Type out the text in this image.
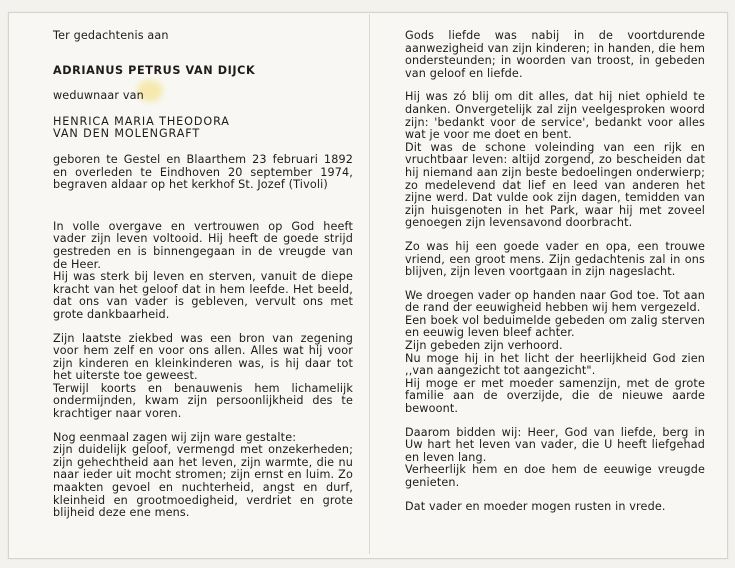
Ter gedachtenis aan

ADRIANUS PETRUS VAN DIJCK

weduwnaar van

HENRICA MARIA THEODORA

VAN DEN MOLENGRAFT

geboren te Gestel en Blaarthem 23 februari 1892 en overleden te Eindhoven 20 september 1974, begraven aldaar op het kerkhof St. Jozef (Tivoli)

In volle overgave en vertrouwen op God heeft vader zijn leven voltooid. Hij heeft de goede strijd gestreden en is binnengegaan in de vreugde van de Heer.

Hij was sterk bij leven en sterven, vanuit de diepe kracht van het geloof dat in hem leefde. Het beeld, dat ons van vader is gebleven, vervult ons met grote dankbaarheid.

Zijn laatste ziekbed was een bron van zegening voor hem zelf en voor ons allen. Alles wat hij voor zijn kinderen en kleinkinderen was, is hij daar tot het uiterste toe geweest.

Terwijl koorts en benauwenis hem lichamelijk ondermijnden, kwam zijn persoonlijkheid des te krachtiger naar voren.

Nog eenmaal zagen wij zijn ware gestalte:

zijn duidelijk geloof, vermengd met onzekerheden; zijn gehechtheid aan het leven, zijn warmte, die nu naar ieder uit mocht stromen; zijn ernst en luim. Zo maakten gevoel en nuchterheid, angst en durf, kleinheid en grootmoedigheid, verdriet en grote blijheid deze ene mens.

Gods liefde was nabij in de voortdurende aanwezigheid van zijn kinderen; in handen, die hem ondersteunden; in woorden van troost, in gebeden van geloof en liefde.

Hij was zó blij om dit alles, dat hij niet ophield te danken. Onvergetelijk zal zijn veelgesproken woord zijn: 'bedankt voor de service', bedankt voor alles wat je voor me doet en bent.

Dit was de schone voleinding van een rijk en vruchtbaar leven: altijd zorgend, zo bescheiden dat hij niemand aan zijn beste bedoelingen onderwierp; zo medelevend dat lief en leed van anderen het zijne werd. Dat vulde ook zijn dagen, temidden van zijn huisgenoten in het Park, waar hij met zoveel genoegen zijn levensavond doorbracht.

Zo was hij een goede vader en opa, een trouwe vriend, een groot mens. Zijn gedachtenis zal in ons blijven, zijn leven voortgaan in zijn nageslacht.

We droegen vader op handen naar God toe. Tot aan de rand der eeuwigheid hebben wij hem vergezeld.

Een boek vol beduimelde gebeden om zalig sterven en eeuwig leven bleef achter.

Zijn gebeden zijn verhoord.

Nu moge hij in het licht der heerlijkheid God zien ,,van aangezicht tot aangezicht".

Hij moge er met moeder samenzijn, met de grote familie aan de overzijde, die de nieuwe aarde bewoont.

Daarom bidden wij: Heer, God van liefde, berg in Uw hart het leven van vader, die U heeft liefgehad en leven lang.

Verheerlijk hem en doe hem de eeuwige vreugde genieten.

Dat vader en moeder mogen rusten in vrede.
